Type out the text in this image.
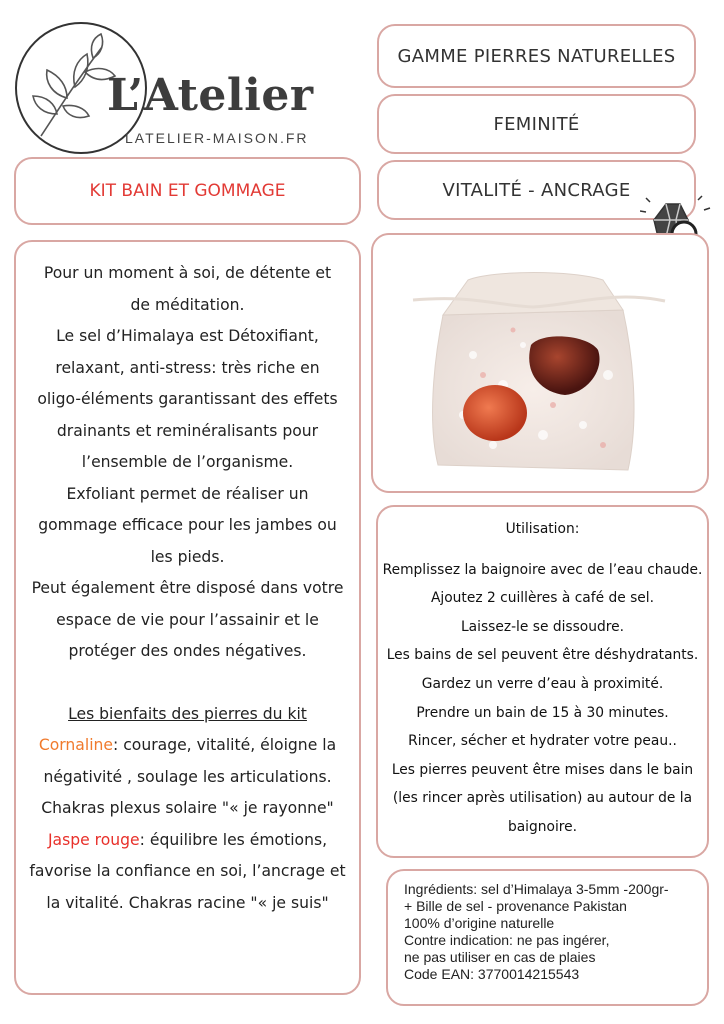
L’Atelier
LATELIER-MAISON.FR
GAMME PIERRES NATURELLES
FEMINITÉ
VITALITÉ - ANCRAGE
KIT BAIN ET GOMMAGE
Pour un moment à soi, de détente et
de méditation.
Le sel d’Himalaya est Détoxifiant,
relaxant, anti-stress: très riche en
oligo-éléments garantissant des effets
drainants et reminéralisants pour
l’ensemble de l’organisme.
Exfoliant permet de réaliser un
gommage efficace pour les jambes ou
les pieds.
Peut également être disposé dans votre
espace de vie pour l’assainir et le
protéger des ondes négatives.

Les bienfaits des pierres du kit

Cornaline: courage, vitalité, éloigne la

négativité , soulage les articulations.

Chakras plexus solaire "« je rayonne"

Jaspe rouge: équilibre les émotions,

favorise la confiance en soi, l’ancrage et

la vitalité. Chakras racine "« je suis"

Utilisation:
Remplissez la baignoire avec de l’eau chaude.
Ajoutez 2 cuillères à café de sel.
Laissez-le se dissoudre.
Les bains de sel peuvent être déshydratants.
Gardez un verre d’eau à proximité.
Prendre un bain de 15 à 30 minutes.
Rincer, sécher et hydrater votre peau..
Les pierres peuvent être mises dans le bain
(les rincer après utilisation) au autour de la
baignoire.
Ingrédients: sel d’Himalaya 3-5mm -200gr-
+ Bille de sel - provenance Pakistan
100% d’origine naturelle
Contre indication: ne pas ingérer,
ne pas utiliser en cas de plaies
Code EAN: 3770014215543
